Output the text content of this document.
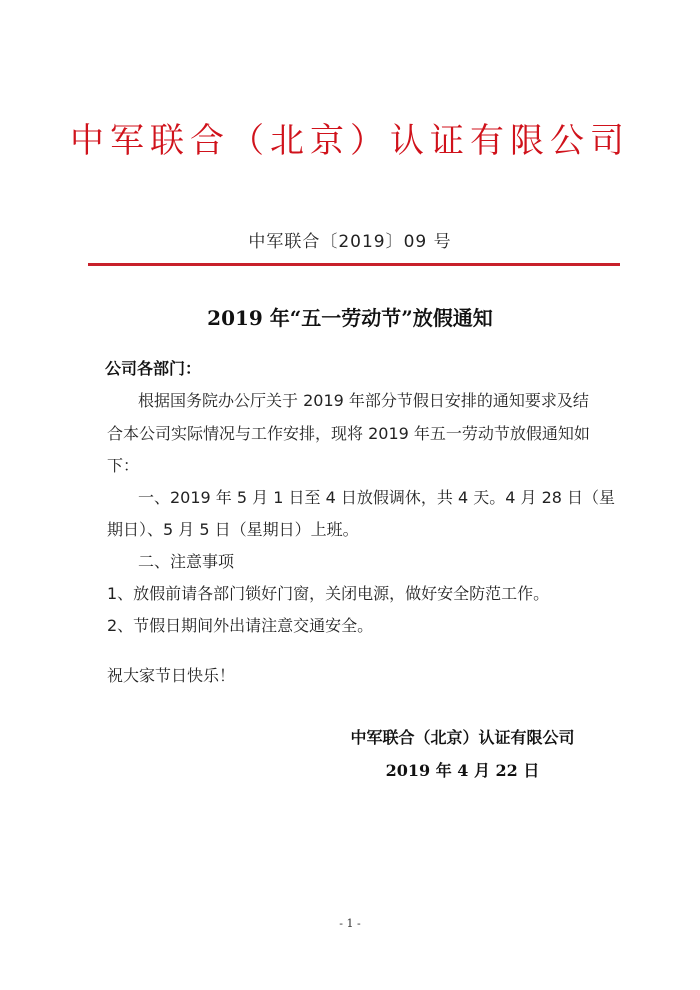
中军联合（北京）认证有限公司
中军联合〔2019〕09 号
2019 年“五一劳动节”放假通知
公司各部门：
根据国务院办公厅关于 2019 年部分节假日安排的通知要求及结
合本公司实际情况与工作安排，现将 2019 年五一劳动节放假通知如
下：
一、2019 年 5 月 1 日至 4 日放假调休，共 4 天。4 月 28 日（星
期日）、5 月 5 日（星期日）上班。
二、注意事项
1、放假前请各部门锁好门窗，关闭电源，做好安全防范工作。
2、节假日期间外出请注意交通安全。
祝大家节日快乐！
中军联合（北京）认证有限公司
2019 年 4 月 22 日
- 1 -
